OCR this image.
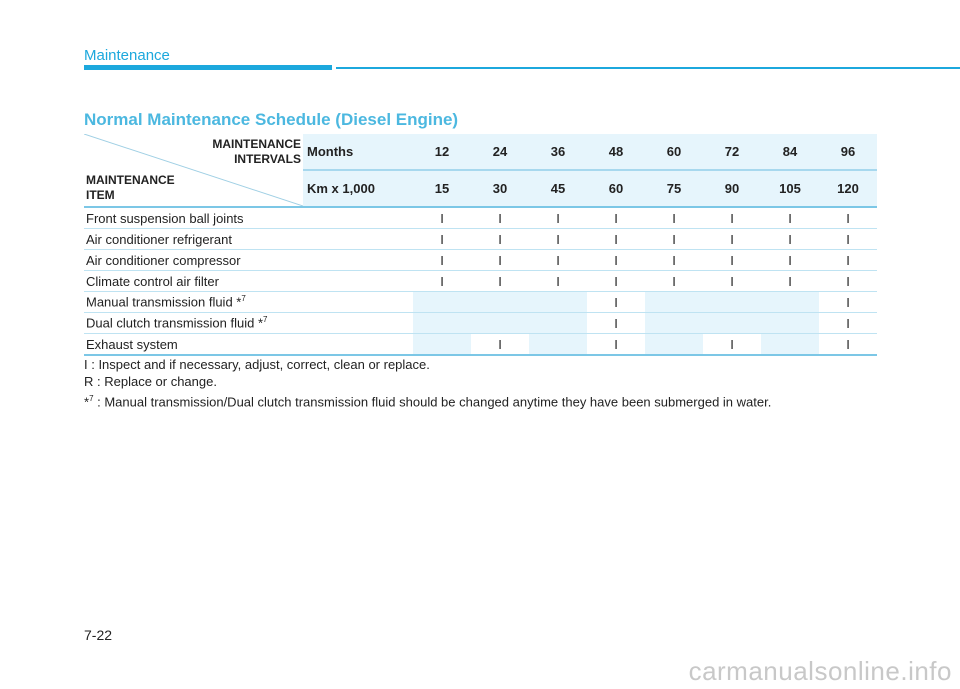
Maintenance
Normal Maintenance Schedule (Diesel Engine)
MAINTENANCE
INTERVALS
MAINTENANCE
ITEM	Months	12	24	36	48	60	72	84	96
	Km x 1,000	15	30	45	60	75	90	105	120
Front suspension ball joints		I	I	I	I	I	I	I	I
Air conditioner refrigerant		I	I	I	I	I	I	I	I
Air conditioner compressor		I	I	I	I	I	I	I	I
Climate control air filter		I	I	I	I	I	I	I	I
Manual transmission fluid *$^7$					I				I
Dual clutch transmission fluid *$^7$					I				I
Exhaust system			I		I		I		I
I : Inspect and if necessary, adjust, correct, clean or replace.
R : Replace or change.
*$^7$ : Manual transmission/Dual clutch transmission fluid should be changed anytime they have been submerged in water.
7-22
carmanualsonline.info
